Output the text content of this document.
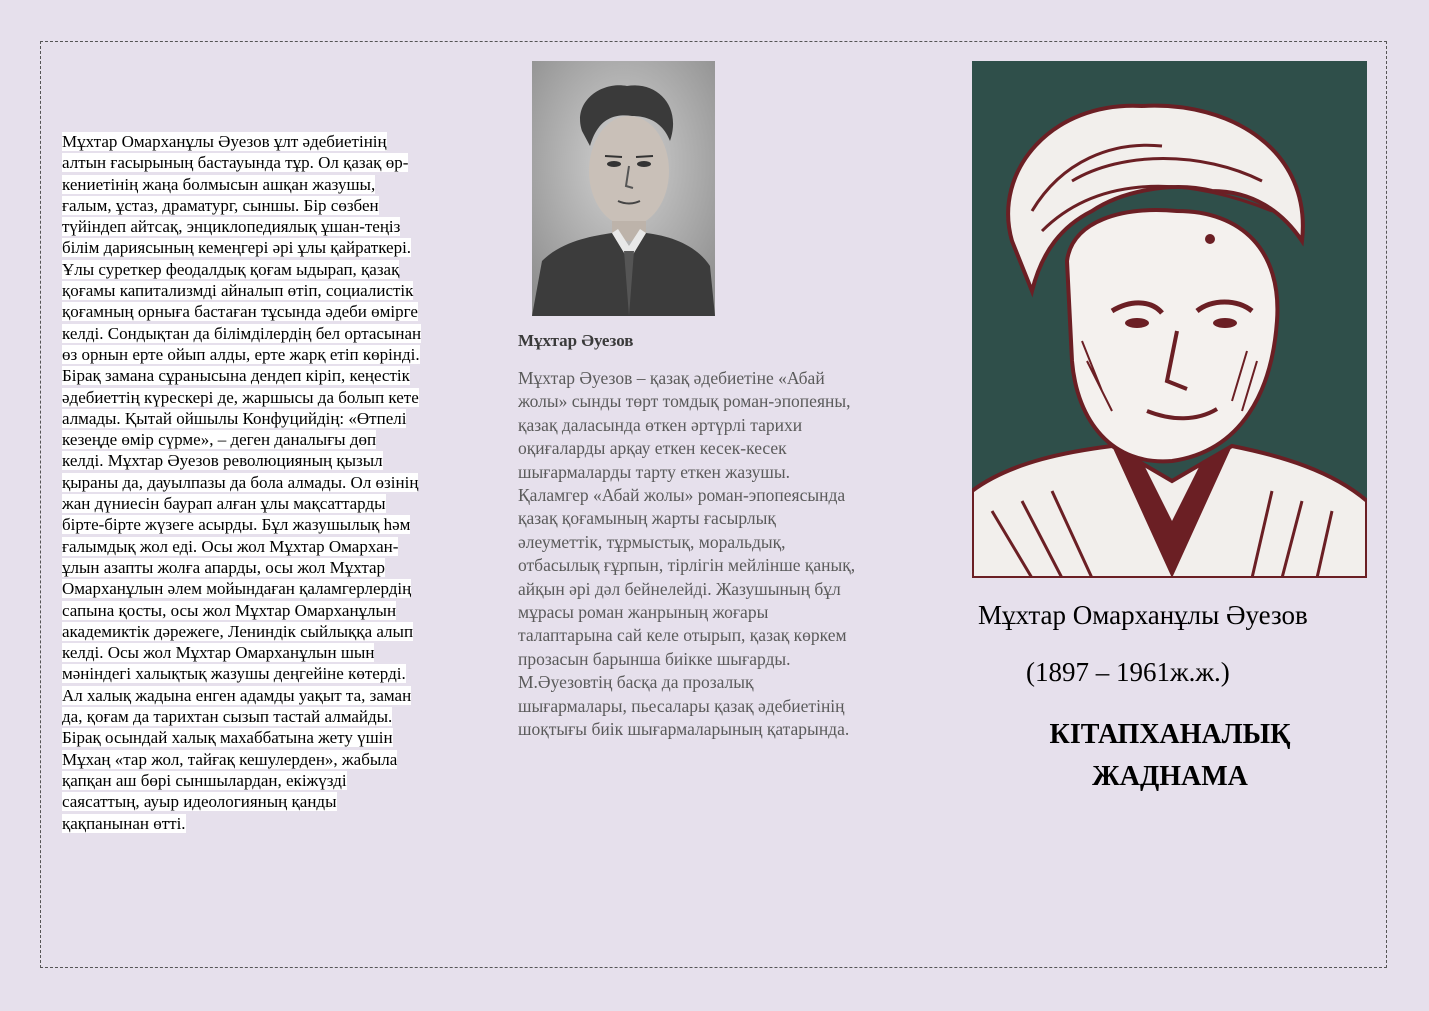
Мұхтар Омарханұлы Әуезов ұлт әдебиетінің
алтын ғасырының бастауында тұр. Ол қазақ өр-
кениетінің жаңа болмысын ашқан жазушы,
ғалым, ұстаз, драматург, сыншы. Бір сөзбен
түйіндеп айтсақ, энциклопедиялық ұшан-теңіз
білім дариясының кемеңгері әрі ұлы қайраткері.
Ұлы суреткер феодалдық қоғам ыдырап, қазақ
қоғамы капитализмді айналып өтіп, социалистік
қоғамның орнығa бастаған тұсында әдеби өмірге
келді. Сондықтан да білімділердің бел ортасынан
өз орнын ерте ойып алды, ерте жарқ етіп көрінді.
Бірақ замана сұранысына дендеп кіріп, кеңестік
әдебиеттің күрескері де, жаршысы да болып кете
алмады. Қытай ойшылы Конфуцийдің: «Өтпелі
кезеңде өмір сүрме», – деген даналығы дөп
келді. Мұхтар Әуезов революцияның қызыл
қыраны да, дауылпазы да бола алмады. Ол өзінің
жан дүниесін баурап алған ұлы мақсаттарды
бірте-бірте жүзеге асырды. Бұл жазушылық һәм
ғалымдық жол еді. Осы жол Мұхтар Омархан-
ұлын азапты жолға апарды, осы жол Мұхтар
Омарханұлын әлем мойындаған қаламгерлердің
сапына қосты, осы жол Мұхтар Омарханұлын
академиктік дәрежеге, Лениндік сыйлыққа алып
келді. Осы жол Мұхтар Омарханұлын шын
мәніндегі халықтық жазушы деңгейіне көтерді.
Ал халық жадына енген адамды уақыт та, заман
да, қоғам да тарихтан сызып тастай алмайды.
Бірақ осындай халық махаббатына жету үшін
Мұхаң «тар жол, тайғақ кешулерден», жабыла
қапқан аш бөрі сыншылардан, екіжүзді
саясаттың, ауыр идеологияның қанды
қақпанынан өтті.
Мұхтар Әуезов
Мұхтар Әуезов – қазақ әдебиетіне «Абай
жолы» сынды төрт томдық роман-эпопеяны,
қазақ даласында өткен әртүрлі тарихи
оқиғаларды арқау еткен кесек-кесек
шығармаларды тарту еткен жазушы.
Қаламгер «Абай жолы» роман-эпопеясында
қазақ қоғамының жарты ғасырлық
әлеуметтік, тұрмыстық, моральдық,
отбасылық ғұрпын, тірлігін мейлінше қанық,
айқын әрі дәл бейнелейді. Жазушының бұл
мұрасы роман жанрының жоғары
талаптарына сай келе отырып, қазақ көркем
прозасын барынша биікке шығарды.
М.Әуезовтің басқа да прозалық
шығармалары, пьесалары қазақ әдебиетінің
шоқтығы биік шығармаларының қатарында.
Мұхтар Омарханұлы Әуезов
(1897 – 1961ж.ж.)
КІТАПХАНАЛЫҚ
ЖАДНАМА
